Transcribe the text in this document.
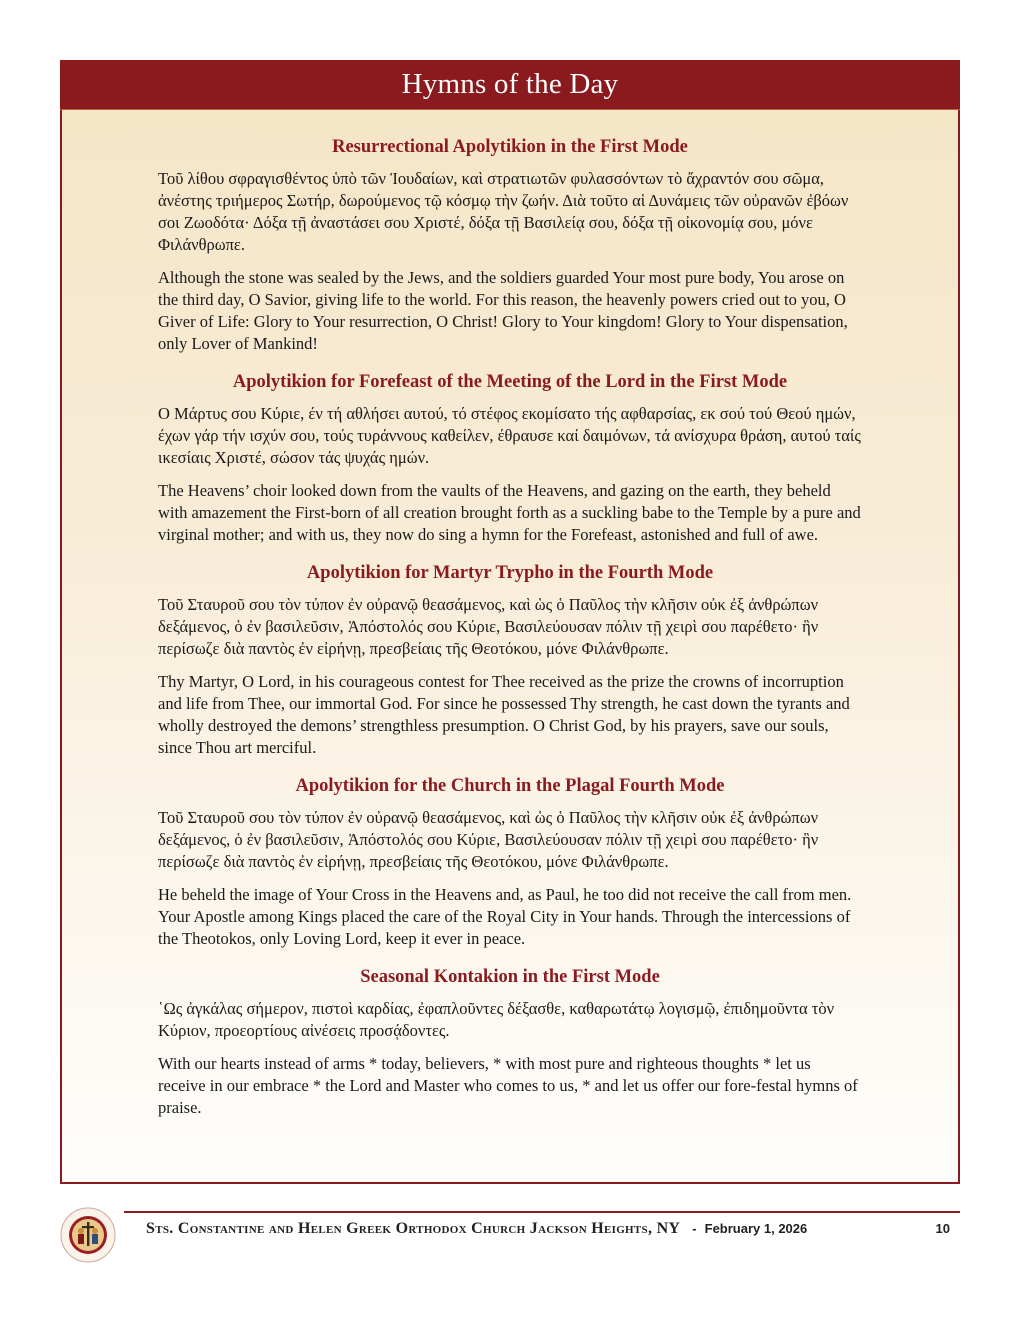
Hymns of the Day
Resurrectional Apolytikion in the First Mode

Τοῦ λίθου σφραγισθέντος ὑπὸ τῶν Ἰουδαίων, καὶ στρατιωτῶν φυλασσόντων τὸ ἄχραντόν σου σῶμα, ἀνέστης τριήμερος Σωτήρ, δωρούμενος τῷ κόσμῳ τὴν ζωήν. Διὰ τοῦτο αἱ Δυνάμεις τῶν οὐρανῶν ἐβόων σοι Ζωοδότα· Δόξα τῇ ἀναστάσει σου Χριστέ, δόξα τῇ Βασιλείᾳ σου, δόξα τῇ οἰκονομίᾳ σου, μόνε Φιλάνθρωπε.

Although the stone was sealed by the Jews, and the soldiers guarded Your most pure body, You arose on the third day, O Savior, giving life to the world. For this reason, the heavenly powers cried out to you, O Giver of Life: Glory to Your resurrection, O Christ! Glory to Your kingdom! Glory to Your dispensation, only Lover of Mankind!

Apolytikion for Forefeast of the Meeting of the Lord in the First Mode

Ο Μάρτυς σου Κύριε, έν τή αθλήσει αυτού, τό στέφος εκομίσατο τής αφθαρσίας, εκ σού τού Θεού ημών, έχων γάρ τήν ισχύν σου, τούς τυράννους καθείλεν, έθραυσε καί δαιμόνων, τά ανίσχυρα θράση, αυτού ταίς ικεσίαις Χριστέ, σώσον τάς ψυχάς ημών.

The Heavens’ choir looked down from the vaults of the Heavens, and gazing on the earth, they beheld with amazement the First-born of all creation brought forth as a suckling babe to the Temple by a pure and virginal mother; and with us, they now do sing a hymn for the Forefeast, astonished and full of awe.

Apolytikion for Martyr Trypho in the Fourth Mode

Τοῦ Σταυροῦ σου τὸν τύπον ἐν οὐρανῷ θεασάμενος, καὶ ὡς ὁ Παῦλος τὴν κλῆσιν οὐκ ἐξ ἀνθρώπων δεξάμενος, ὁ ἐν βασιλεῦσιν, Ἀπόστολός σου Κύριε, Βασιλεύουσαν πόλιν τῇ χειρὶ σου παρέθετο· ἣν περίσωζε διὰ παντὸς ἐν εἰρήνῃ, πρεσβείαις τῆς Θεοτόκου, μόνε Φιλάνθρωπε.

Thy Martyr, O Lord, in his courageous contest for Thee received as the prize the crowns of incorruption and life from Thee, our immortal God. For since he possessed Thy strength, he cast down the tyrants and wholly destroyed the demons’ strengthless presumption. O Christ God, by his prayers, save our souls, since Thou art merciful.

Apolytikion for the Church in the Plagal Fourth Mode

Τοῦ Σταυροῦ σου τὸν τύπον ἐν οὐρανῷ θεασάμενος, καὶ ὡς ὁ Παῦλος τὴν κλῆσιν οὐκ ἐξ ἀνθρώπων δεξάμενος, ὁ ἐν βασιλεῦσιν, Ἀπόστολός σου Κύριε, Βασιλεύουσαν πόλιν τῇ χειρὶ σου παρέθετο· ἣν περίσωζε διὰ παντὸς ἐν εἰρήνῃ, πρεσβείαις τῆς Θεοτόκου, μόνε Φιλάνθρωπε.

He beheld the image of Your Cross in the Heavens and, as Paul, he too did not receive the call from men. Your Apostle among Kings placed the care of the Royal City in Your hands. Through the intercessions of the Theotokos, only Loving Lord, keep it ever in peace.

Seasonal Kontakion in the First Mode

῾Ως ἀγκάλας σήμερον, πιστοὶ καρδίας, ἐφαπλοῦντες δέξασθε, καθαρωτάτῳ λογισμῷ, ἐπιδημοῦντα τὸν Κύριον, προεορτίους αἰνέσεις προσᾴδοντες.

With our hearts instead of arms * today, believers, * with most pure and righteous thoughts * let us receive in our embrace * the Lord and Master who comes to us, * and let us offer our fore-festal hymns of praise.

Sts. Constantine and Helen Greek Orthodox Church Jackson Heights, NY - February 1, 2026	10
